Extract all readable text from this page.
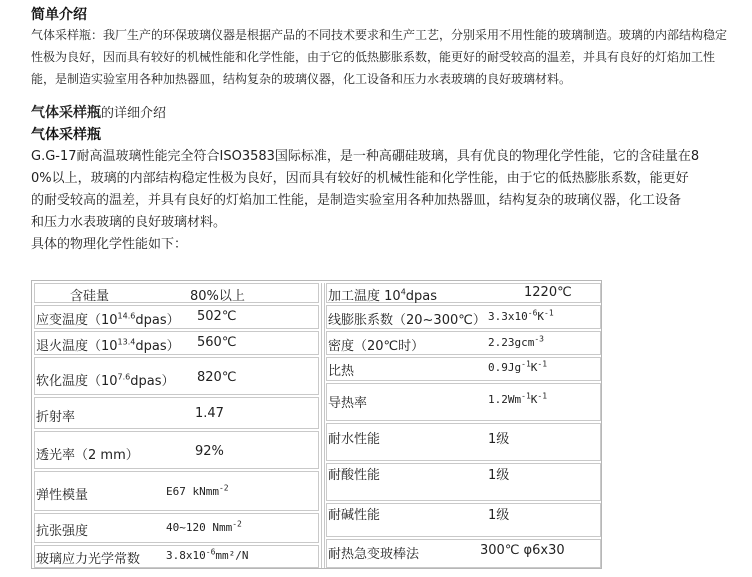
简单介绍
气体采样瓶：我厂生产的环保玻璃仪器是根据产品的不同技术要求和生产工艺，分别采用不用性能的玻璃制造。玻璃的内部结构稳定
性极为良好，因而具有较好的机械性能和化学性能，由于它的低热膨胀系数，能更好的耐受较高的温差，并具有良好的灯焰加工性
能，是制造实验室用各种加热器皿，结构复杂的玻璃仪器，化工设备和压力水表玻璃的良好玻璃材料。
气体采样瓶的详细介绍
气体采样瓶
G.G-17耐高温玻璃性能完全符合ISO3583国际标准，是一种高硼硅玻璃，具有优良的物理化学性能，它的含硅量在8
0%以上，玻璃的内部结构稳定性极为良好，因而具有较好的机械性能和化学性能，由于它的低热膨胀系数，能更好
的耐受较高的温差，并具有良好的灯焰加工性能，是制造实验室用各种加热器皿，结构复杂的玻璃仪器，化工设备
和压力水表玻璃的良好玻璃材料。
具体的物理化学性能如下：
含硅量	80%以上
应变温度$(10^{14.6}dpas)$ 502℃
退火温度$(10^{13.4}dpas)$ 560℃
软化温度$(10^{7.6}dpas)$ 820℃
折射率	1.47
透光率（2 mm）	92%
弹性模量	E67 kNmm$^{-2}$
抗张强度	40~120 Nmm$^{-2}$
玻璃应力光学常数 $3.8x10^{-6}mm^2/N$
加工温度 $10^4dpas$	1220℃
线膨胀系数（20~300℃） $3.3x10^{-6}K^{-1}$
密度（20℃时）	2.23gcm$^{-3}$
比热	$0.9Jg^{-1}K^{-1}$
导热率	$1.2Wm^{-1}K^{-1}$
耐水性能	1级
耐酸性能	1级
耐碱性能	1级
耐热急变玻棒法	300℃ φ6x30
